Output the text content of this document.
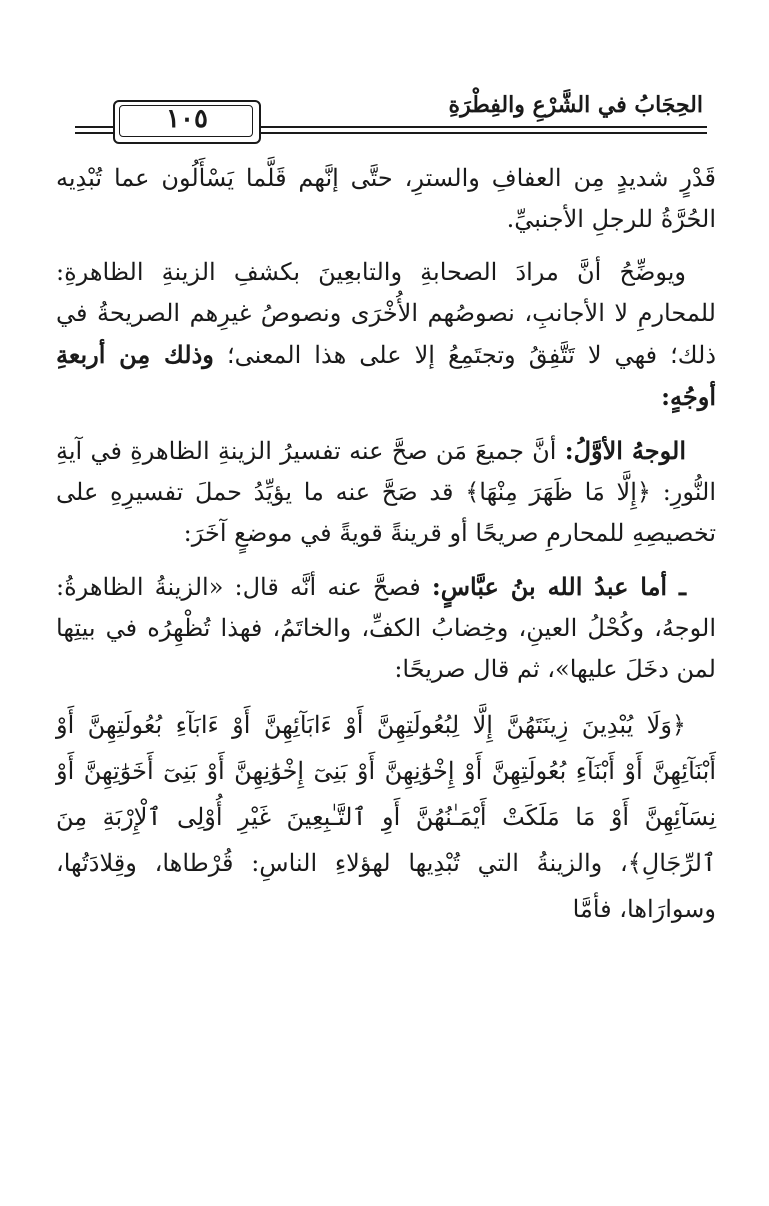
١٠٥	الحِجَابُ في الشَّرْعِ والفِطْرَةِ

قَدْرٍ شديدٍ مِن العفافِ والسترِ، حتَّى إنَّهم قَلَّما يَسْأَلُون عما تُبْدِيه الحُرَّةُ للرجلِ الأجنبيِّ.

ويوضِّحُ أنَّ مرادَ الصحابةِ والتابعِينَ بكشفِ الزينةِ الظاهرةِ: للمحارمِ لا الأجانبِ، نصوصُهم الأُخْرَى ونصوصُ غيرِهم الصريحةُ في ذلك؛ فهي لا تَتَّفِقُ وتجتَمِعُ إلا على هذا المعنى؛ وذلك مِن أربعةِ أوجُهٍ:

الوجهُ الأوَّلُ: أنَّ جميعَ مَن صحَّ عنه تفسيرُ الزينةِ الظاهرةِ في آيةِ النُّورِ: ﴿إِلَّا مَا ظَهَرَ مِنْهَا﴾ قد صَحَّ عنه ما يؤيِّدُ حملَ تفسيرِهِ على تخصيصِهِ للمحارمِ صريحًا أو قرينةً قويةً في موضعٍ آخَرَ:

ـ أما عبدُ الله بنُ عبَّاسٍ: فصحَّ عنه أنَّه قال: «الزينةُ الظاهرةُ: الوجهُ، وكُحْلُ العينِ، وخِضابُ الكفِّ، والخاتَمُ، فهذا تُظْهِرُه في بيتِها لمن دخَلَ عليها»، ثم قال صريحًا:

﴿وَلَا يُبْدِينَ زِينَتَهُنَّ إِلَّا لِبُعُولَتِهِنَّ أَوْ ءَابَآئِهِنَّ أَوْ ءَابَآءِ بُعُولَتِهِنَّ أَوْ أَبْنَآئِهِنَّ أَوْ أَبْنَآءِ بُعُولَتِهِنَّ أَوْ إِخْوَٰنِهِنَّ أَوْ بَنِىٓ إِخْوَٰنِهِنَّ أَوْ بَنِىٓ أَخَوَٰتِهِنَّ أَوْ نِسَآئِهِنَّ أَوْ مَا مَلَكَتْ أَيْمَـٰنُهُنَّ أَوِ ٱلتَّـٰبِعِينَ غَيْرِ أُوْلِى ٱلْإِرْبَةِ مِنَ ٱلرِّجَالِ﴾، والزينةُ التي تُبْدِيها لهؤلاءِ الناسِ: قُرْطاها، وقِلادَتُها، وسوارَاها، فأمَّا
